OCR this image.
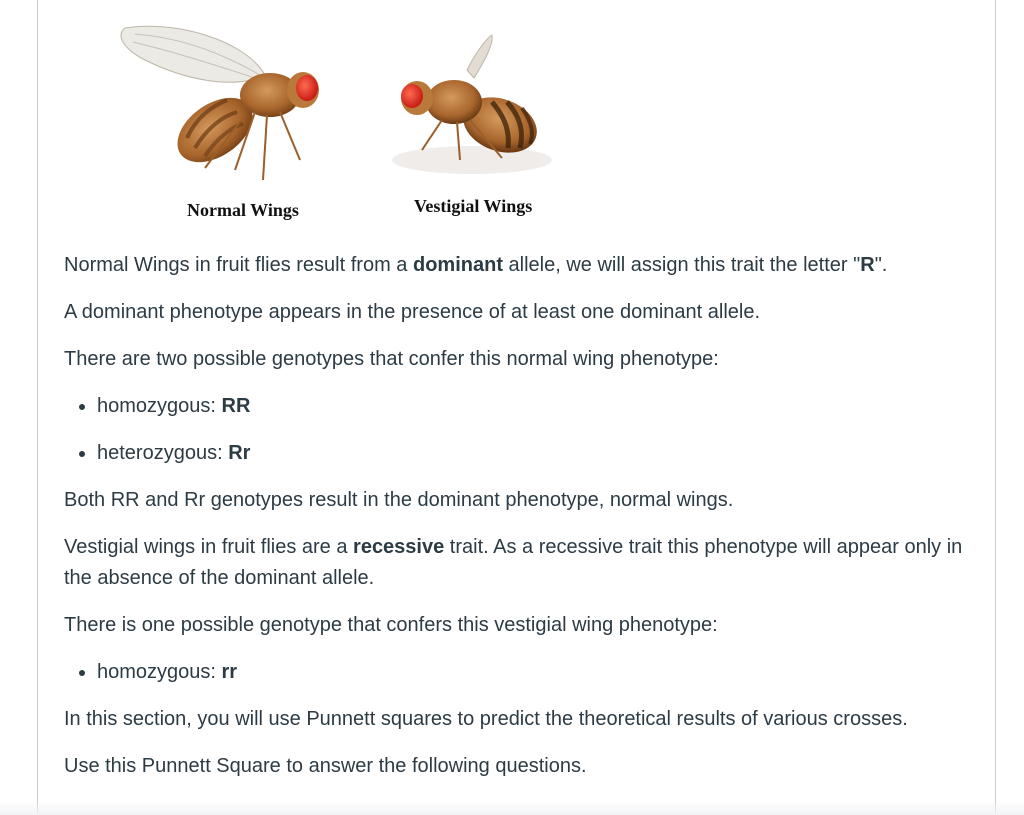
Normal Wings	Vestigial Wings

Normal Wings in fruit flies result from a dominant allele, we will assign this trait the letter "R".

A dominant phenotype appears in the presence of at least one dominant allele.

There are two possible genotypes that confer this normal wing phenotype:

• homozygous: RR
• heterozygous: Rr

Both RR and Rr genotypes result in the dominant phenotype, normal wings.

Vestigial wings in fruit flies are a recessive trait. As a recessive trait this phenotype will appear only in the absence of the dominant allele.

There is one possible genotype that confers this vestigial wing phenotype:

• homozygous: rr

In this section, you will use Punnett squares to predict the theoretical results of various crosses.

Use this Punnett Square to answer the following questions.
